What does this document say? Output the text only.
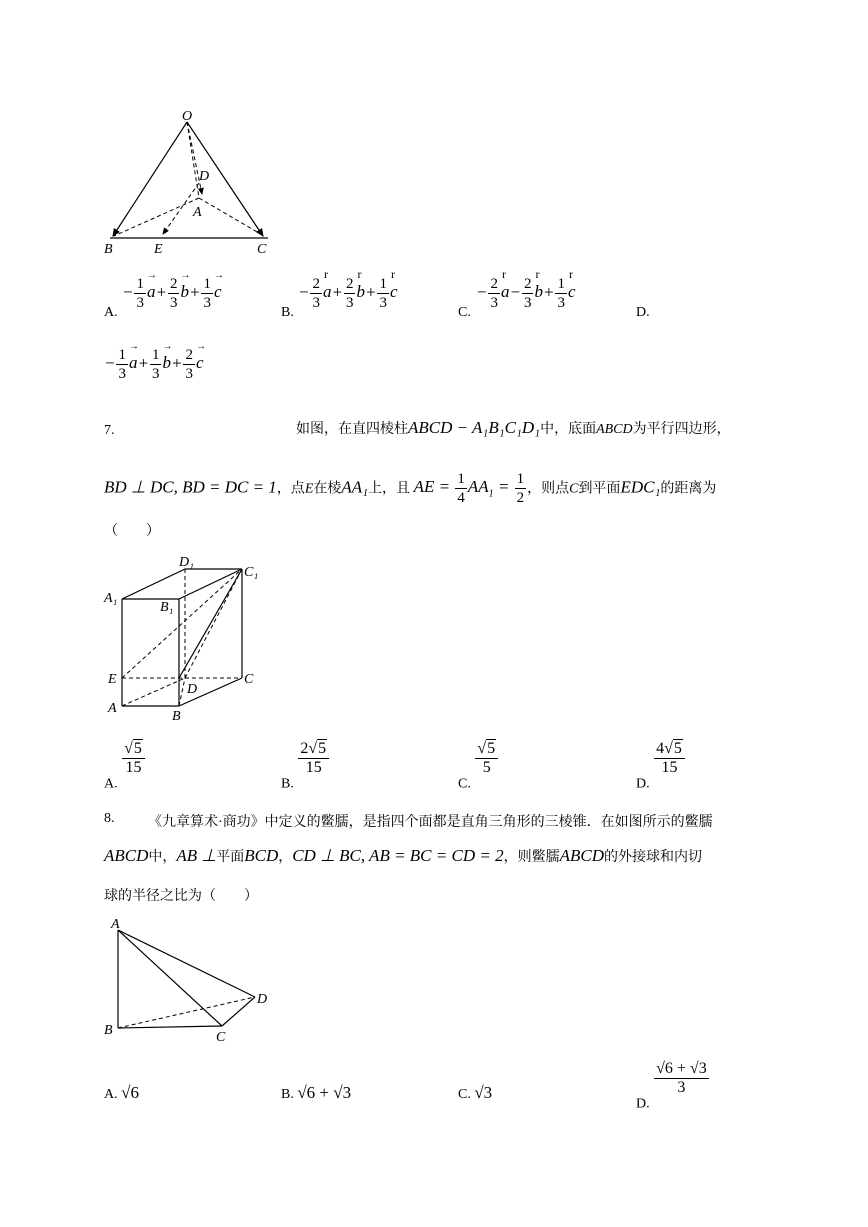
O
D
A
B	E	C
A.
− $\frac{1}{3}$ $a \to+ \frac{2}{3}$ $b \to+ \frac{1}{3}$ c →
B.
− $\frac{2}{3}$ a $r+ \frac{2}{3}$ b $r+ \frac{1}{3}$ c r
C.
− $\frac{2}{3}$ a $r- \frac{2}{3}$ b $r+ \frac{1}{3}$ c r
D.
− $\frac{1}{3}$ $a \to+ \frac{1}{3}$ $b \to+ \frac{2}{3}$ c →
7.	如图，在直四棱柱ABCD − A₁B₁C₁D₁中，底面ABCD为平行四边形，
BD ⊥ DC, BD = DC = 1，点E在棱AA₁上，且 AE = $\frac{1}{4} AA_1 = \frac{1}{2}$ ，则点C到平面EDC₁的距离为
（　　）
D₁
C₁
A₁
B₁
E
D
C
A
B
A.
$\frac{√5}{15}$
B.
$\frac{2√5}{15}$
C.
$\frac{√5}{5}$
D.
$\frac{4√5}{15}$
8. 《九章算术·商功》中定义的鳖臑，是指四个面都是直角三角形的三棱锥．在如图所示的鳖臑
ABCD中，AB ⊥平面BCD，CD ⊥ BC, AB = BC = CD = 2，则鳖臑ABCD的外接球和内切
球的半径之比为（　　）
A
B	C
D
A. √6	B. √6 + √3	C. √3
D.
$\frac{√6 + √3}{3}$
